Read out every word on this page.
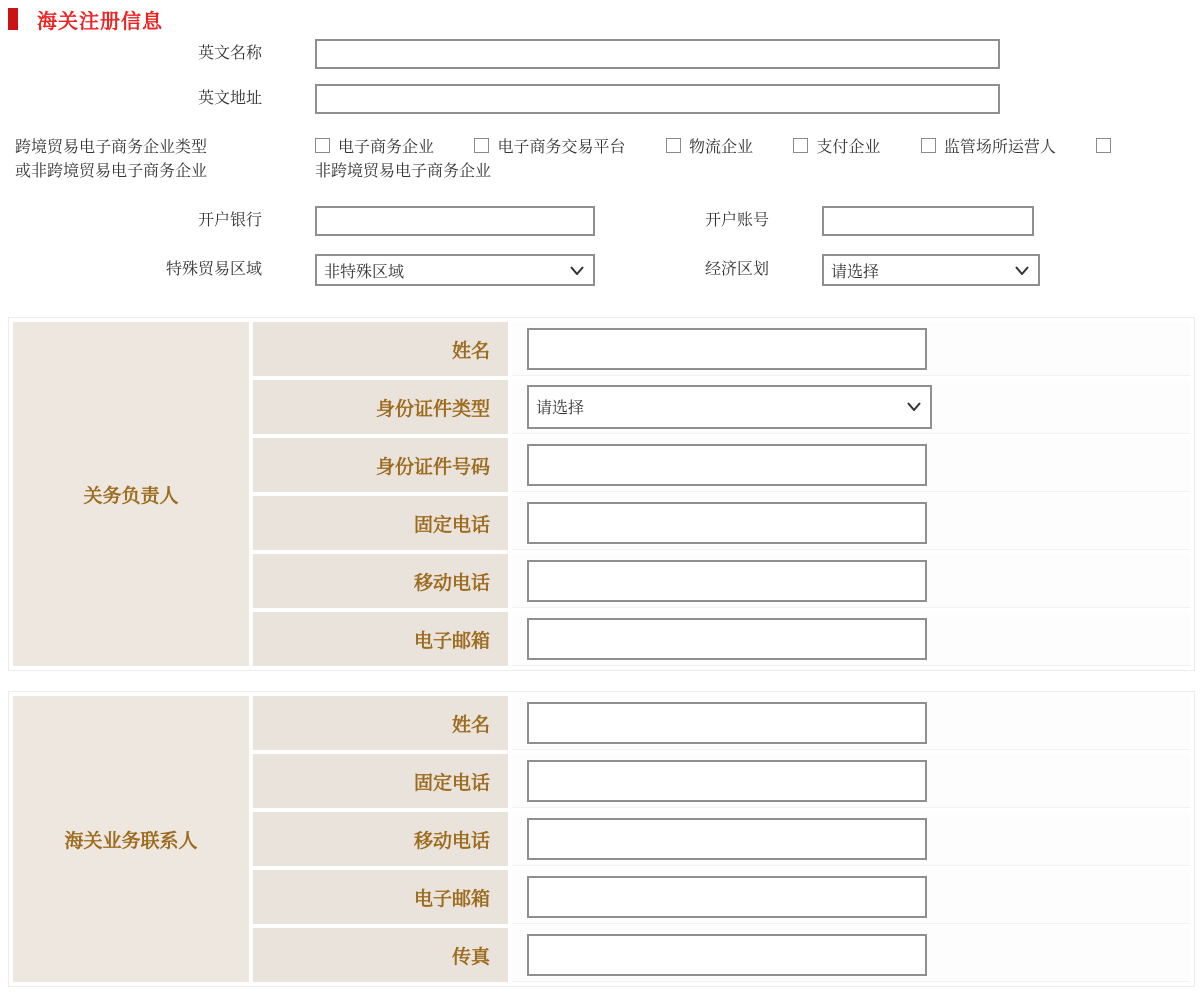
海关注册信息
英文名称
英文地址
跨境贸易电子商务企业类型或非跨境贸易电子商务企业
电子商务企业	电子商务交易平台	物流企业	支付企业	监管场所运营人 非跨境贸易电子商务企业
开户银行	开户账号
特殊贸易区域	非特殊区域	经济区划	请选择
关务负责人	姓名	
	身份证件类型	请选择

	身份证件号码	
	固定电话	
	移动电话	
	电子邮箱	
海关业务联系人	姓名	
	固定电话	
	移动电话	
	电子邮箱	
	传真	
